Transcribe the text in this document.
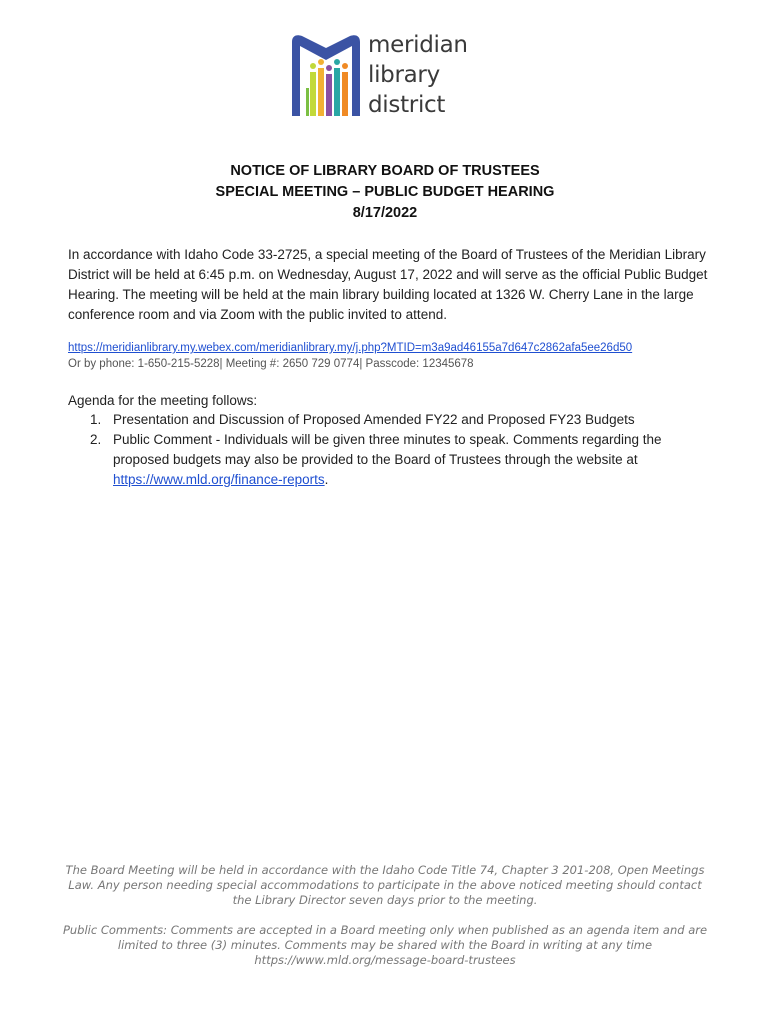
meridian
library
district
NOTICE OF LIBRARY BOARD OF TRUSTEES
SPECIAL MEETING – PUBLIC BUDGET HEARING
8/17/2022
In accordance with Idaho Code 33-2725, a special meeting of the Board of Trustees of the Meridian Library District will be held at 6:45 p.m. on Wednesday, August 17, 2022 and will serve as the official Public Budget Hearing. The meeting will be held at the main library building located at 1326 W. Cherry Lane in the large conference room and via Zoom with the public invited to attend.
https://meridianlibrary.my.webex.com/meridianlibrary.my/j.php?MTID=m3a9ad46155a7d647c2862afa5ee26d50
Or by phone: 1-650-215-5228| Meeting #: 2650 729 0774| Passcode: 12345678
Agenda for the meeting follows:
1. Presentation and Discussion of Proposed Amended FY22 and Proposed FY23 Budgets
2. Public Comment - Individuals will be given three minutes to speak. Comments regarding the proposed budgets may also be provided to the Board of Trustees through the website at https://www.mld.org/finance-reports.
The Board Meeting will be held in accordance with the Idaho Code Title 74, Chapter 3 201-208, Open Meetings Law. Any person needing special accommodations to participate in the above noticed meeting should contact the Library Director seven days prior to the meeting.
Public Comments: Comments are accepted in a Board meeting only when published as an agenda item and are limited to three (3) minutes. Comments may be shared with the Board in writing at any time https://www.mld.org/message-board-trustees
